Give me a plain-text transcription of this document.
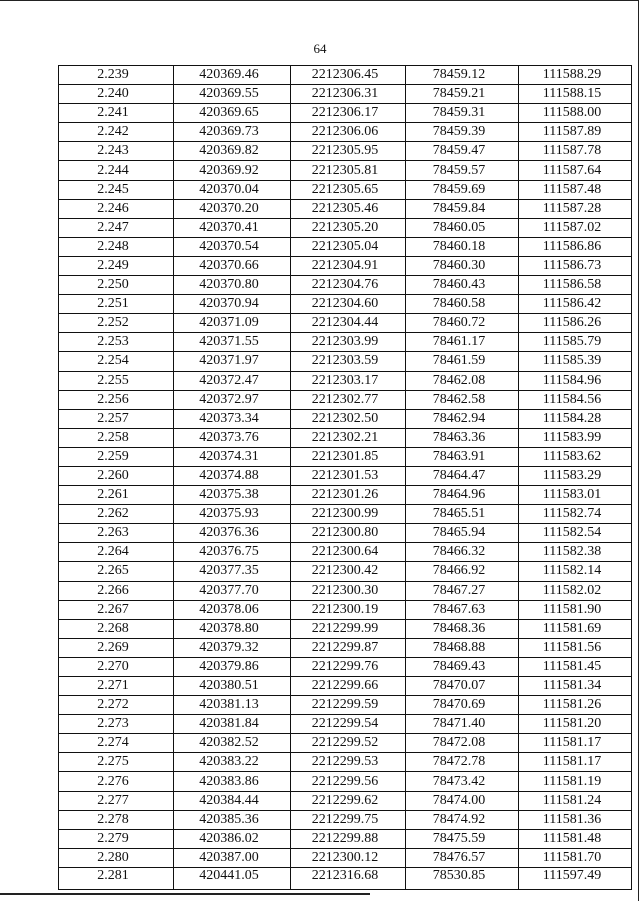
64
2.239	420369.46	2212306.45	78459.12	111588.29
2.240	420369.55	2212306.31	78459.21	111588.15
2.241	420369.65	2212306.17	78459.31	111588.00
2.242	420369.73	2212306.06	78459.39	111587.89
2.243	420369.82	2212305.95	78459.47	111587.78
2.244	420369.92	2212305.81	78459.57	111587.64
2.245	420370.04	2212305.65	78459.69	111587.48
2.246	420370.20	2212305.46	78459.84	111587.28
2.247	420370.41	2212305.20	78460.05	111587.02
2.248	420370.54	2212305.04	78460.18	111586.86
2.249	420370.66	2212304.91	78460.30	111586.73
2.250	420370.80	2212304.76	78460.43	111586.58
2.251	420370.94	2212304.60	78460.58	111586.42
2.252	420371.09	2212304.44	78460.72	111586.26
2.253	420371.55	2212303.99	78461.17	111585.79
2.254	420371.97	2212303.59	78461.59	111585.39
2.255	420372.47	2212303.17	78462.08	111584.96
2.256	420372.97	2212302.77	78462.58	111584.56
2.257	420373.34	2212302.50	78462.94	111584.28
2.258	420373.76	2212302.21	78463.36	111583.99
2.259	420374.31	2212301.85	78463.91	111583.62
2.260	420374.88	2212301.53	78464.47	111583.29
2.261	420375.38	2212301.26	78464.96	111583.01
2.262	420375.93	2212300.99	78465.51	111582.74
2.263	420376.36	2212300.80	78465.94	111582.54
2.264	420376.75	2212300.64	78466.32	111582.38
2.265	420377.35	2212300.42	78466.92	111582.14
2.266	420377.70	2212300.30	78467.27	111582.02
2.267	420378.06	2212300.19	78467.63	111581.90
2.268	420378.80	2212299.99	78468.36	111581.69
2.269	420379.32	2212299.87	78468.88	111581.56
2.270	420379.86	2212299.76	78469.43	111581.45
2.271	420380.51	2212299.66	78470.07	111581.34
2.272	420381.13	2212299.59	78470.69	111581.26
2.273	420381.84	2212299.54	78471.40	111581.20
2.274	420382.52	2212299.52	78472.08	111581.17
2.275	420383.22	2212299.53	78472.78	111581.17
2.276	420383.86	2212299.56	78473.42	111581.19
2.277	420384.44	2212299.62	78474.00	111581.24
2.278	420385.36	2212299.75	78474.92	111581.36
2.279	420386.02	2212299.88	78475.59	111581.48
2.280	420387.00	2212300.12	78476.57	111581.70
2.281	420441.05	2212316.68	78530.85	111597.49
